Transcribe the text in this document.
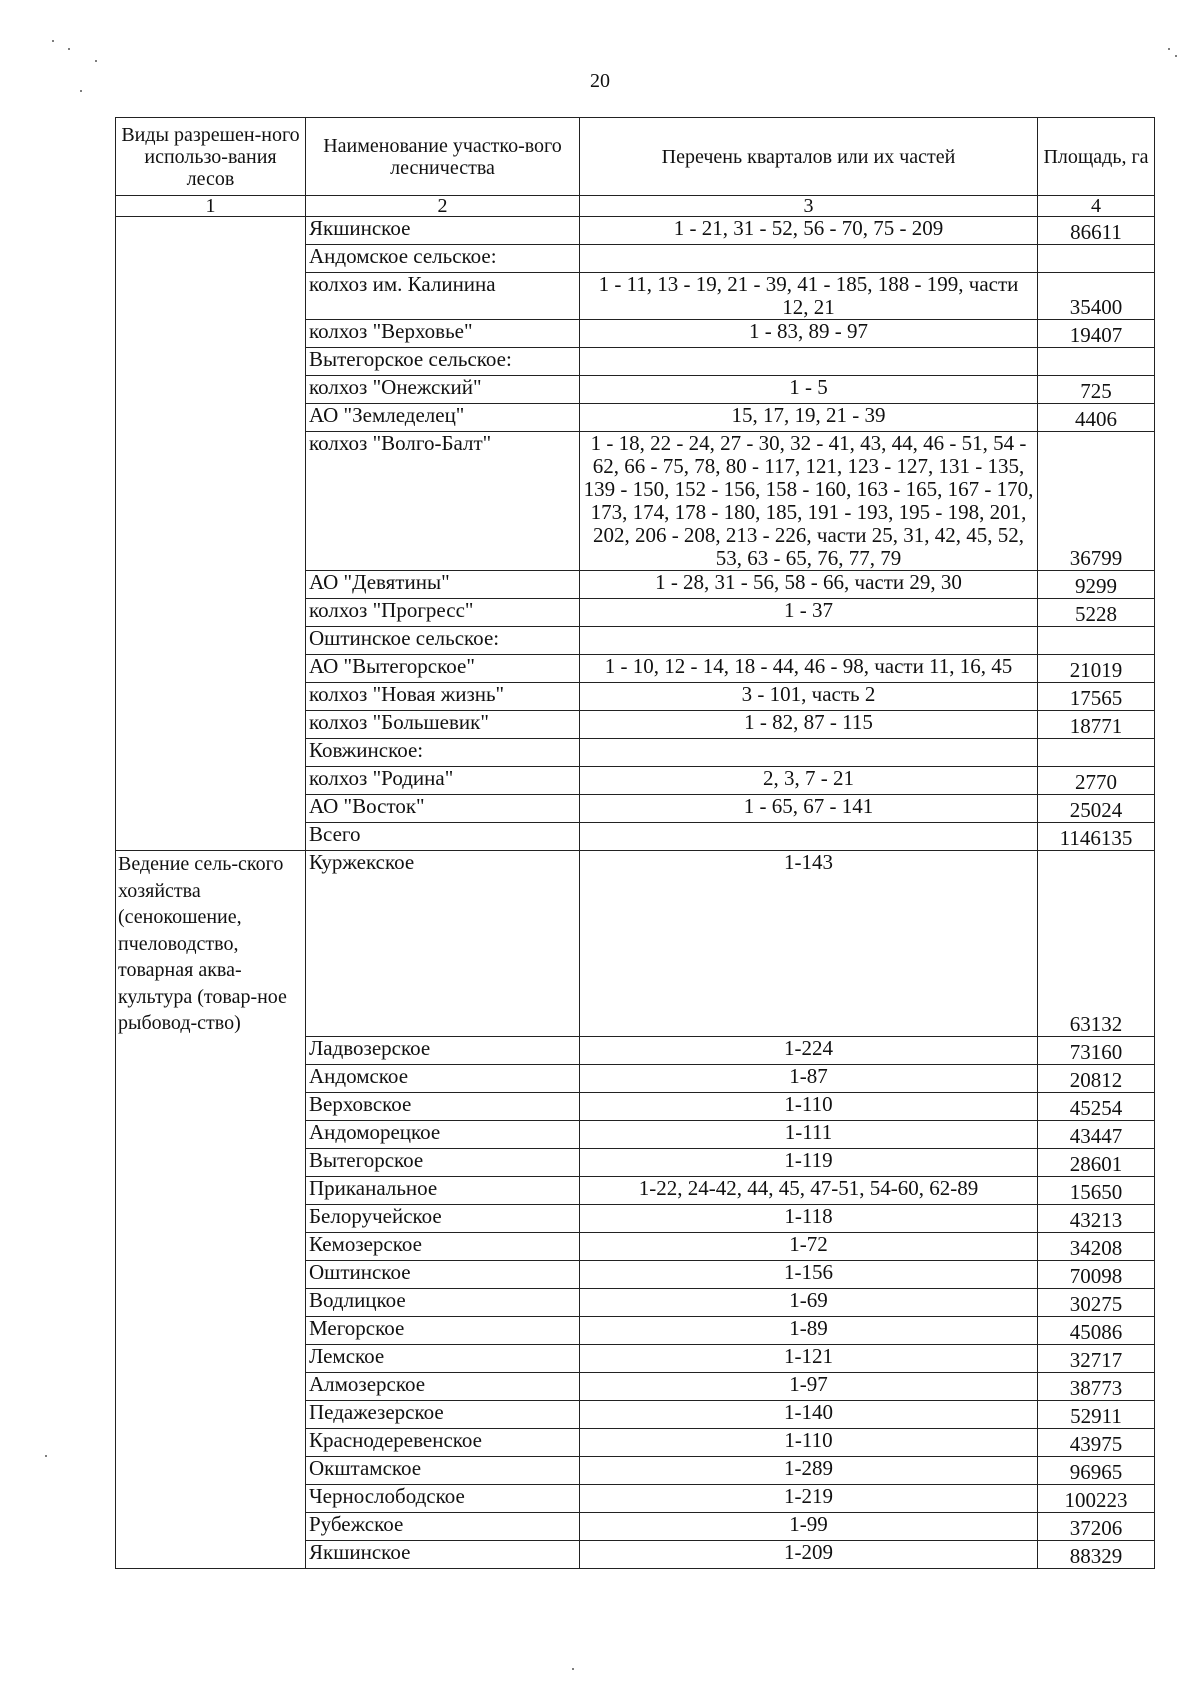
20
Виды разрешен-ного использо-вания лесов	Наименование участко-вого лесничества	Перечень кварталов или их частей	Площадь, га
1	2	3	4
	Якшинское	1 - 21, 31 - 52, 56 - 70, 75 - 209	86611
	Андомское сельское:		
	колхоз им. Калинина	1 - 11, 13 - 19, 21 - 39, 41 - 185, 188 - 199, части 12, 21	35400
	колхоз "Верховье"	1 - 83, 89 - 97	19407
	Вытегорское сельское:		
	колхоз "Онежский"	1 - 5	725
	АО "Земледелец"	15, 17, 19, 21 - 39	4406
	колхоз "Волго-Балт"	1 - 18, 22 - 24, 27 - 30, 32 - 41, 43, 44, 46 - 51, 54 - 62, 66 - 75, 78, 80 - 117, 121, 123 - 127, 131 - 135, 139 - 150, 152 - 156, 158 - 160, 163 - 165, 167 - 170, 173, 174, 178 - 180, 185, 191 - 193, 195 - 198, 201, 202, 206 - 208, 213 - 226, части 25, 31, 42, 45, 52, 53, 63 - 65, 76, 77, 79	36799
	АО "Девятины"	1 - 28, 31 - 56, 58 - 66, части 29, 30	9299
	колхоз "Прогресс"	1 - 37	5228
	Оштинское сельское:		
	АО "Вытегорское"	1 - 10, 12 - 14, 18 - 44, 46 - 98, части 11, 16, 45	21019
	колхоз "Новая жизнь"	3 - 101, часть 2	17565
	колхоз "Большевик"	1 - 82, 87 - 115	18771
	Ковжинское:		
	колхоз "Родина"	2, 3, 7 - 21	2770
	АО "Восток"	1 - 65, 67 - 141	25024
	Всего		1146135
Ведение сель-ского хозяйства (сенокошение, пчеловодство, товарная аква-культура (товар-ное рыбовод-ство)	Куржекское	1-143	63132
	Ладвозерское	1-224	73160
	Андомское	1-87	20812
	Верховское	1-110	45254
	Андоморецкое	1-111	43447
	Вытегорское	1-119	28601
	Приканальное	1-22, 24-42, 44, 45, 47-51, 54-60, 62-89	15650
	Белоручейское	1-118	43213
	Кемозерское	1-72	34208
	Оштинское	1-156	70098
	Водлицкое	1-69	30275
	Мегорское	1-89	45086
	Лемское	1-121	32717
	Алмозерское	1-97	38773
	Педажезерское	1-140	52911
	Краснодеревенское	1-110	43975
	Окштамское	1-289	96965
	Чернослободское	1-219	100223
	Рубежское	1-99	37206
	Якшинское	1-209	88329
